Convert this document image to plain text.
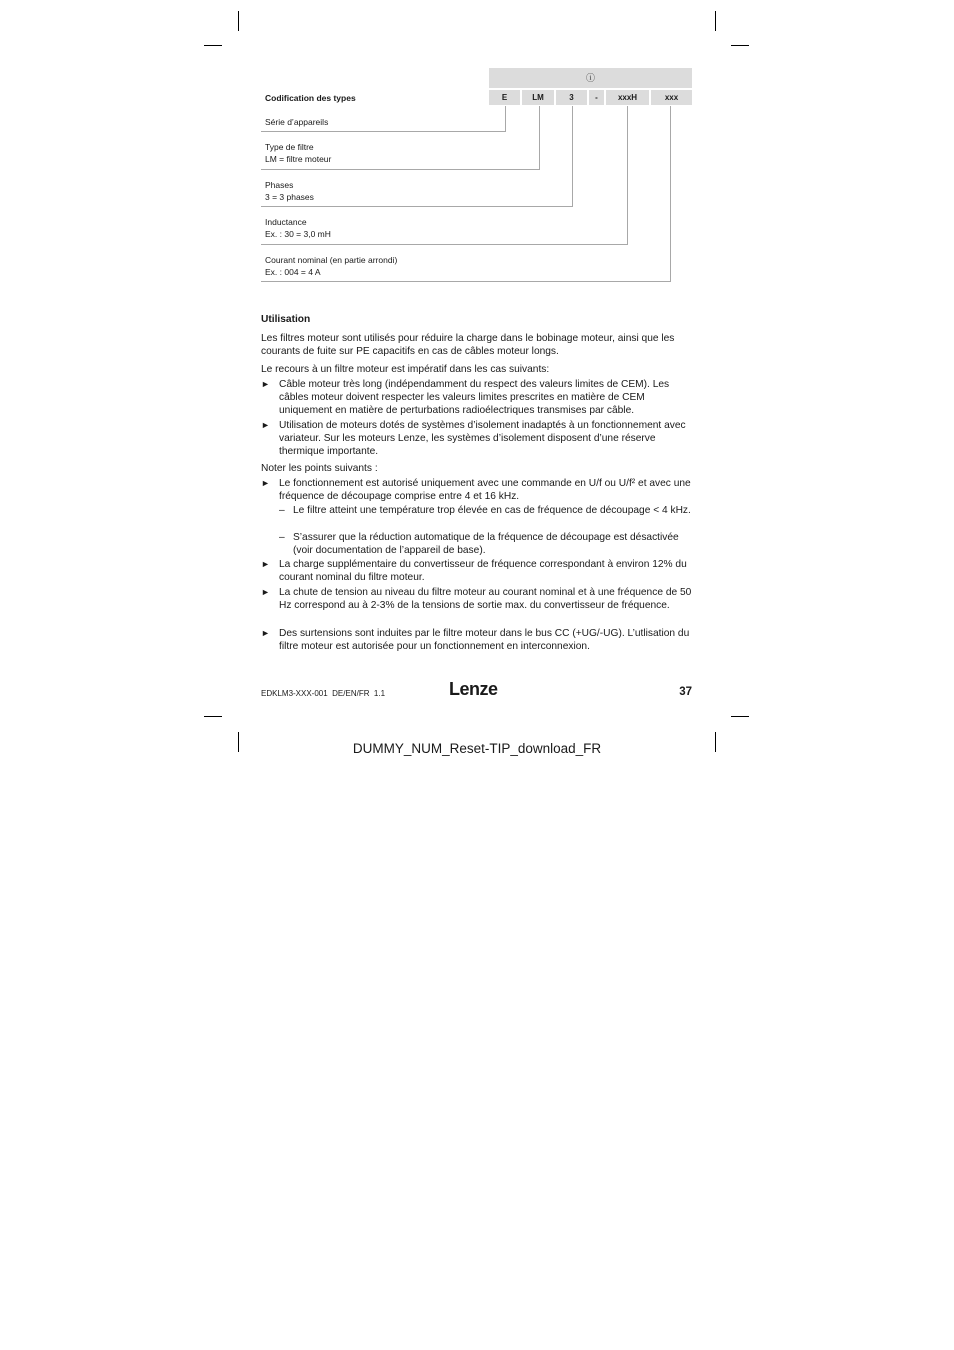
ⓘ
Codification des types	E	LM	3	-	xxxH	xxx
Série d’appareils
Type de filtre
LM = filtre moteur
Phases
3 = 3 phases
Inductance
Ex. : 30 = 3,0 mH
Courant nominal (en partie arrondi)
Ex. : 004 = 4 A
Utilisation
Les filtres moteur sont utilisés pour réduire la charge dans le bobinage moteur, ainsi que les courants de fuite sur PE capacitifs en cas de câbles moteur longs.
Le recours à un filtre moteur est impératif dans les cas suivants:
► Câble moteur très long (indépendamment du respect des valeurs limites de CEM). Les câbles moteur doivent respecter les valeurs limites prescrites en matière de CEM uniquement en matière de perturbations radioélectriques transmises par câble.
► Utilisation de moteurs dotés de systèmes d’isolement inadaptés à un fonctionnement avec variateur. Sur les moteurs Lenze, les systèmes d’isolement disposent d’une réserve thermique importante.
Noter les points suivants :
► Le fonctionnement est autorisé uniquement avec une commande en U/f ou U/f² et avec une fréquence de découpage comprise entre 4 et 16 kHz.
– Le filtre atteint une température trop élevée en cas de fréquence de découpage < 4 kHz.
– S’assurer que la réduction automatique de la fréquence de découpage est désactivée (voir documentation de l’appareil de base).
► La charge supplémentaire du convertisseur de fréquence correspondant à environ 12% du courant nominal du filtre moteur.
► La chute de tension au niveau du filtre moteur au courant nominal et à une fréquence de 50 Hz correspond au à 2-3% de la tensions de sortie max. du convertisseur de fréquence.
► Des surtensions sont induites par le filtre moteur dans le bus CC (+UG/-UG). L’utlisation du filtre moteur est autorisée pour un fonctionnement en interconnexion.
EDKLM3-XXX-001  DE/EN/FR  1.1	Lenze	37
DUMMY_NUM_Reset-TIP_download_FR
